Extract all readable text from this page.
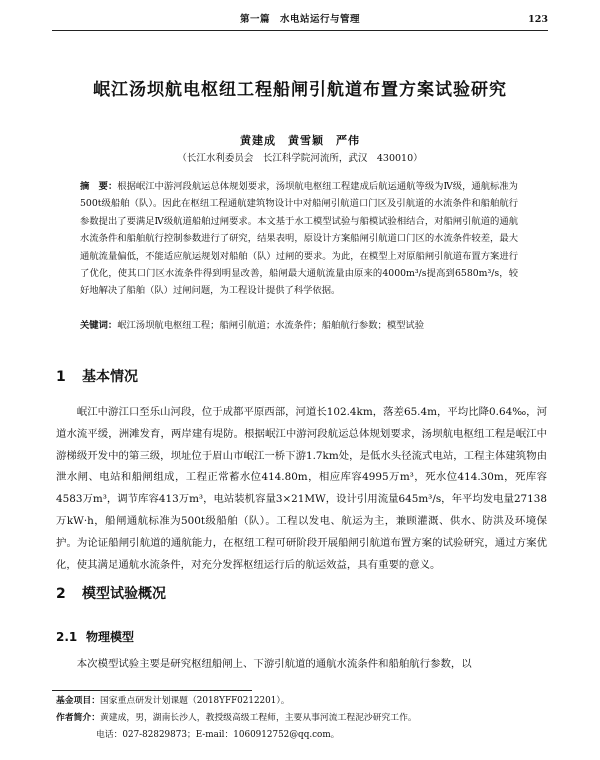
第一篇　水电站运行与管理	123
岷江汤坝航电枢纽工程船闸引航道布置方案试验研究
黄建成　黄雪颖　严伟
（长江水利委员会　长江科学院河流所，武汉　430010）
摘　要：根据岷江中游河段航运总体规划要求，汤坝航电枢纽工程建成后航运通航等级为Ⅳ级，通航标准为500t级船舶（队）。因此在枢纽工程通航建筑物设计中对船闸引航道口门区及引航道的水流条件和船舶航行参数提出了要满足Ⅳ级航道船舶过闸要求。本文基于水工模型试验与船模试验相结合，对船闸引航道的通航水流条件和船舶航行控制参数进行了研究，结果表明，原设计方案船闸引航道口门区的水流条件较差，最大通航流量偏低，不能适应航运规划对船舶（队）过闸的要求。为此，在模型上对原船闸引航道布置方案进行了优化，使其口门区水流条件得到明显改善，船闸最大通航流量由原来的4000m³/s提高到6580m³/s，较好地解决了船舶（队）过闸问题，为工程设计提供了科学依据。
关键词：岷江汤坝航电枢纽工程；船闸引航道；水流条件；船舶航行参数；模型试验
1 基本情况
岷江中游江口至乐山河段，位于成都平原西部，河道长102.4km，落差65.4m，平均比降0.64‰，河道水流平缓，洲滩发育，两岸建有堤防。根据岷江中游河段航运总体规划要求，汤坝航电枢纽工程是岷江中游梯级开发中的第三级，坝址位于眉山市岷江一桥下游1.7km处，是低水头径流式电站，工程主体建筑物由泄水闸、电站和船闸组成，工程正常蓄水位414.80m，相应库容4995万m³，死水位414.30m，死库容4583万m³，调节库容413万m³，电站装机容量3×21MW，设计引用流量645m³/s，年平均发电量27138万kW·h，船闸通航标准为500t级船舶（队）。工程以发电、航运为主，兼顾灌溉、供水、防洪及环境保护。为论证船闸引航道的通航能力，在枢纽工程可研阶段开展船闸引航道布置方案的试验研究，通过方案优化，使其满足通航水流条件，对充分发挥枢纽运行后的航运效益，具有重要的意义。
2 模型试验概况
2.1 物理模型
本次模型试验主要是研究枢纽船闸上、下游引航道的通航水流条件和船舶航行参数，以
基金项目：国家重点研发计划课题（2018YFF0212201）。
作者简介：黄建成，男，湖南长沙人，教授级高级工程师，主要从事河流工程泥沙研究工作。
电话：027-82829873；E-mail：1060912752@qq.com。
